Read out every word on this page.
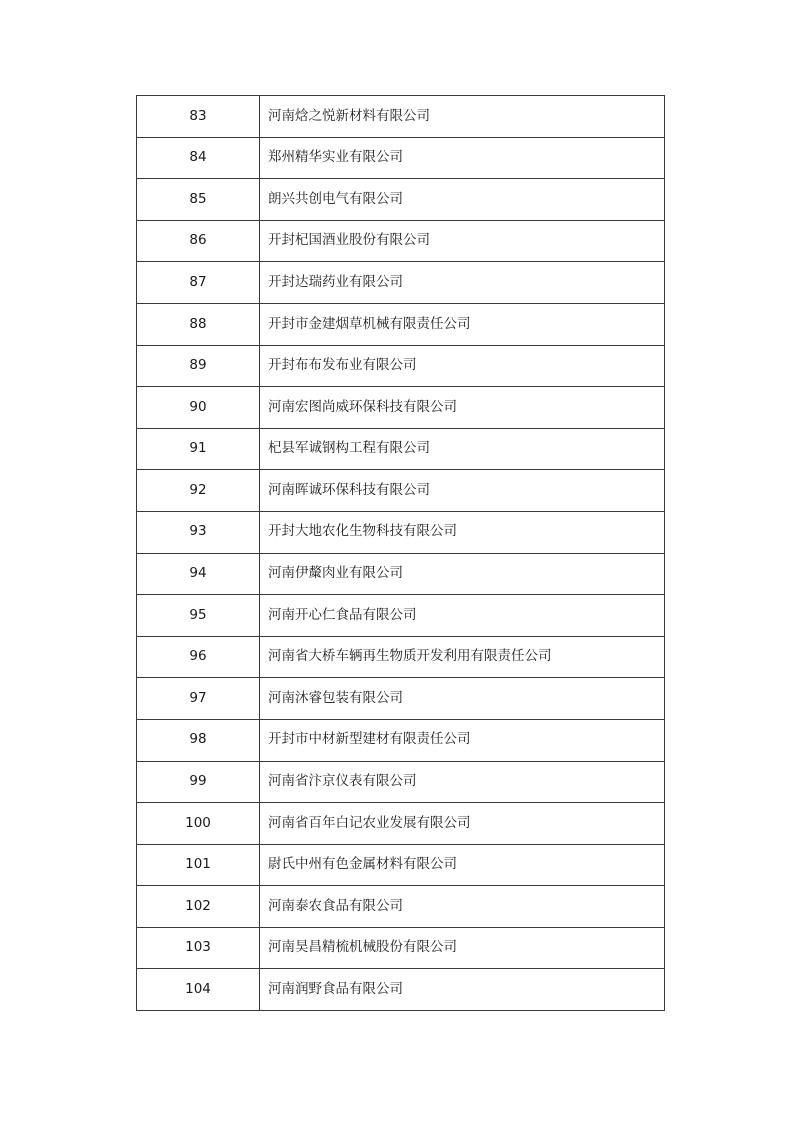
83	河南焓之悦新材料有限公司
84	郑州精华实业有限公司
85	朗兴共创电气有限公司
86	开封杞国酒业股份有限公司
87	开封达瑞药业有限公司
88	开封市金建烟草机械有限责任公司
89	开封布布发布业有限公司
90	河南宏图尚威环保科技有限公司
91	杞县军诚钢构工程有限公司
92	河南晖诚环保科技有限公司
93	开封大地农化生物科技有限公司
94	河南伊斄肉业有限公司
95	河南开心仁食品有限公司
96	河南省大桥车辆再生物质开发利用有限责任公司
97	河南沐睿包装有限公司
98	开封市中材新型建材有限责任公司
99	河南省汴京仪表有限公司
100	河南省百年白记农业发展有限公司
101	尉氏中州有色金属材料有限公司
102	河南泰农食品有限公司
103	河南昊昌精梳机械股份有限公司
104	河南润野食品有限公司
